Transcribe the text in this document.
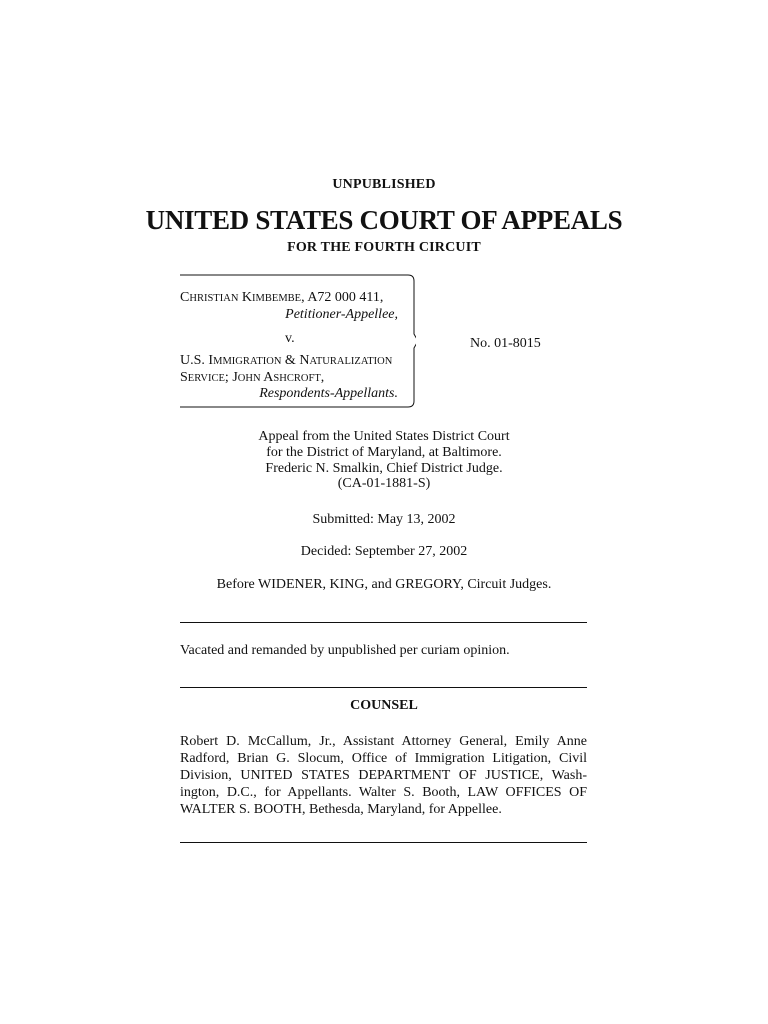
UNPUBLISHED
UNITED STATES COURT OF APPEALS
FOR THE FOURTH CIRCUIT
CHRISTIAN KIMBEMBE, A72 000 411,
Petitioner-Appellee,
v.
U.S. IMMIGRATION & NATURALIZATION
SERVICE; JOHN ASHCROFT,
Respondents-Appellants.
No. 01-8015
Appeal from the United States District Court
for the District of Maryland, at Baltimore.
Frederic N. Smalkin, Chief District Judge.
(CA-01-1881-S)
Submitted: May 13, 2002
Decided: September 27, 2002
Before WIDENER, KING, and GREGORY, Circuit Judges.
Vacated and remanded by unpublished per curiam opinion.
COUNSEL
Robert D. McCallum, Jr., Assistant Attorney General, Emily Anne
Radford, Brian G. Slocum, Office of Immigration Litigation, Civil
Division, UNITED STATES DEPARTMENT OF JUSTICE, Wash-
ington, D.C., for Appellants. Walter S. Booth, LAW OFFICES OF
WALTER S. BOOTH, Bethesda, Maryland, for Appellee.
